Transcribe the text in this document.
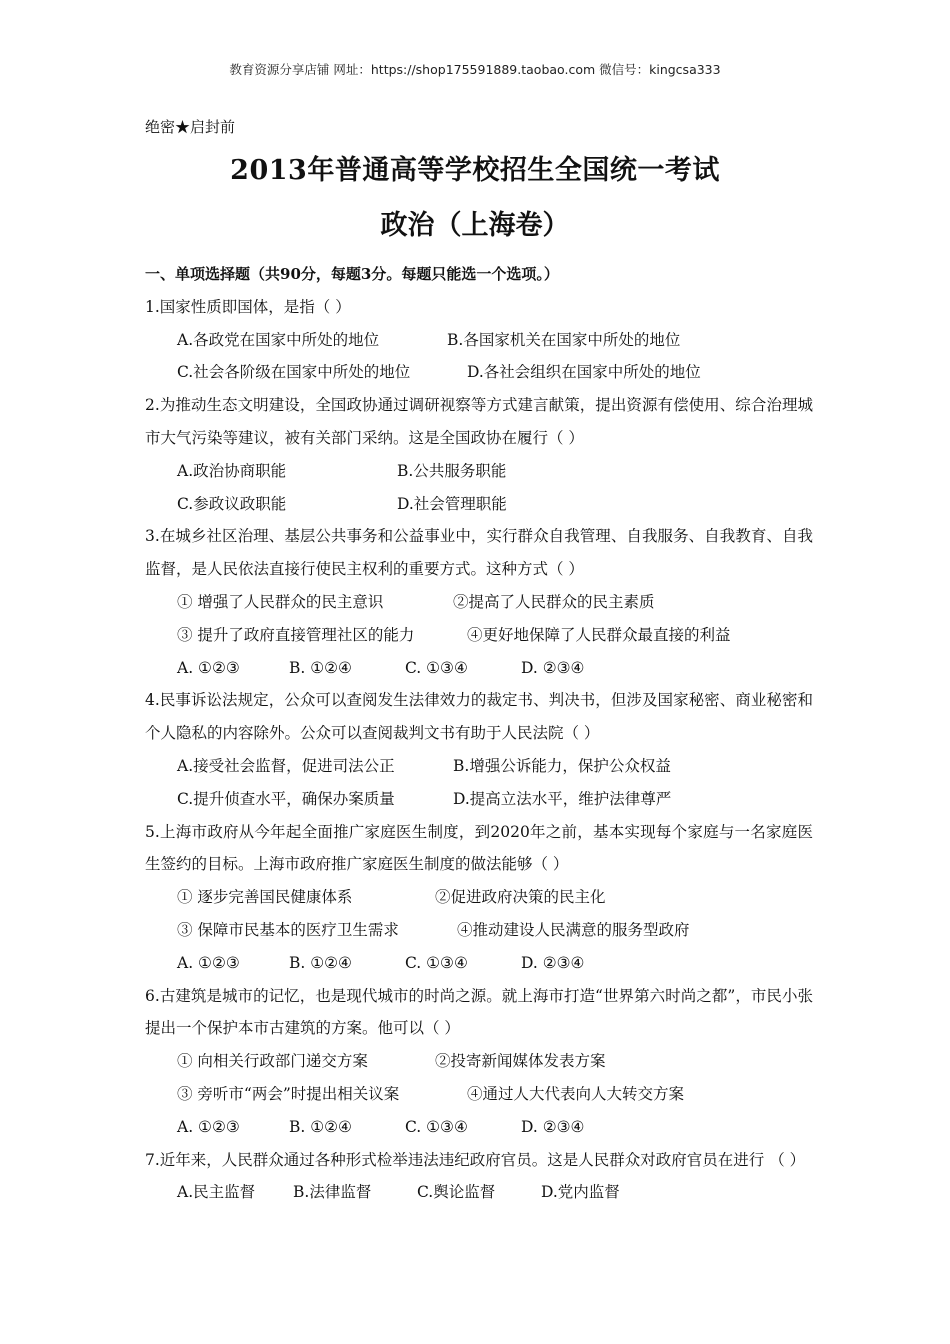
教育资源分享店铺 网址：https://shop175591889.taobao.com 微信号：kingcsa333
绝密★启封前
2013年普通高等学校招生全国统一考试
政治（上海卷）
一、单项选择题（共90分，每题3分。每题只能选一个选项。）
1.国家性质即国体，是指（ ）
A.各政党在国家中所处的地位	B.各国家机关在国家中所处的地位
C.社会各阶级在国家中所处的地位	D.各社会组织在国家中所处的地位
2.为推动生态文明建设，全国政协通过调研视察等方式建言献策，提出资源有偿使用、综合治理城市大气污染等建议，被有关部门采纳。这是全国政协在履行（ ）
A.政治协商职能	B.公共服务职能
C.参政议政职能	D.社会管理职能
3.在城乡社区治理、基层公共事务和公益事业中，实行群众自我管理、自我服务、自我教育、自我监督，是人民依法直接行使民主权利的重要方式。这种方式（ ）
① 增强了人民群众的民主意识	②提高了人民群众的民主素质
③ 提升了政府直接管理社区的能力	④更好地保障了人民群众最直接的利益
A. ①②③	B. ①②④	C. ①③④	D. ②③④
4.民事诉讼法规定，公众可以查阅发生法律效力的裁定书、判决书，但涉及国家秘密、商业秘密和个人隐私的内容除外。公众可以查阅裁判文书有助于人民法院（ ）
A.接受社会监督，促进司法公正	B.增强公诉能力，保护公众权益
C.提升侦查水平，确保办案质量	D.提高立法水平，维护法律尊严
5.上海市政府从今年起全面推广家庭医生制度，到2020年之前，基本实现每个家庭与一名家庭医生签约的目标。上海市政府推广家庭医生制度的做法能够（ ）
① 逐步完善国民健康体系	②促进政府决策的民主化
③ 保障市民基本的医疗卫生需求	④推动建设人民满意的服务型政府
A. ①②③	B. ①②④	C. ①③④	D. ②③④
6.古建筑是城市的记忆，也是现代城市的时尚之源。就上海市打造“世界第六时尚之都”，市民小张提出一个保护本市古建筑的方案。他可以（ ）
① 向相关行政部门递交方案	②投寄新闻媒体发表方案
③ 旁听市“两会”时提出相关议案	④通过人大代表向人大转交方案
A. ①②③	B. ①②④	C. ①③④	D. ②③④
7.近年来，人民群众通过各种形式检举违法违纪政府官员。这是人民群众对政府官员在进行 （ ）
A.民主监督 B.法律监督	C.舆论监督	D.党内监督
